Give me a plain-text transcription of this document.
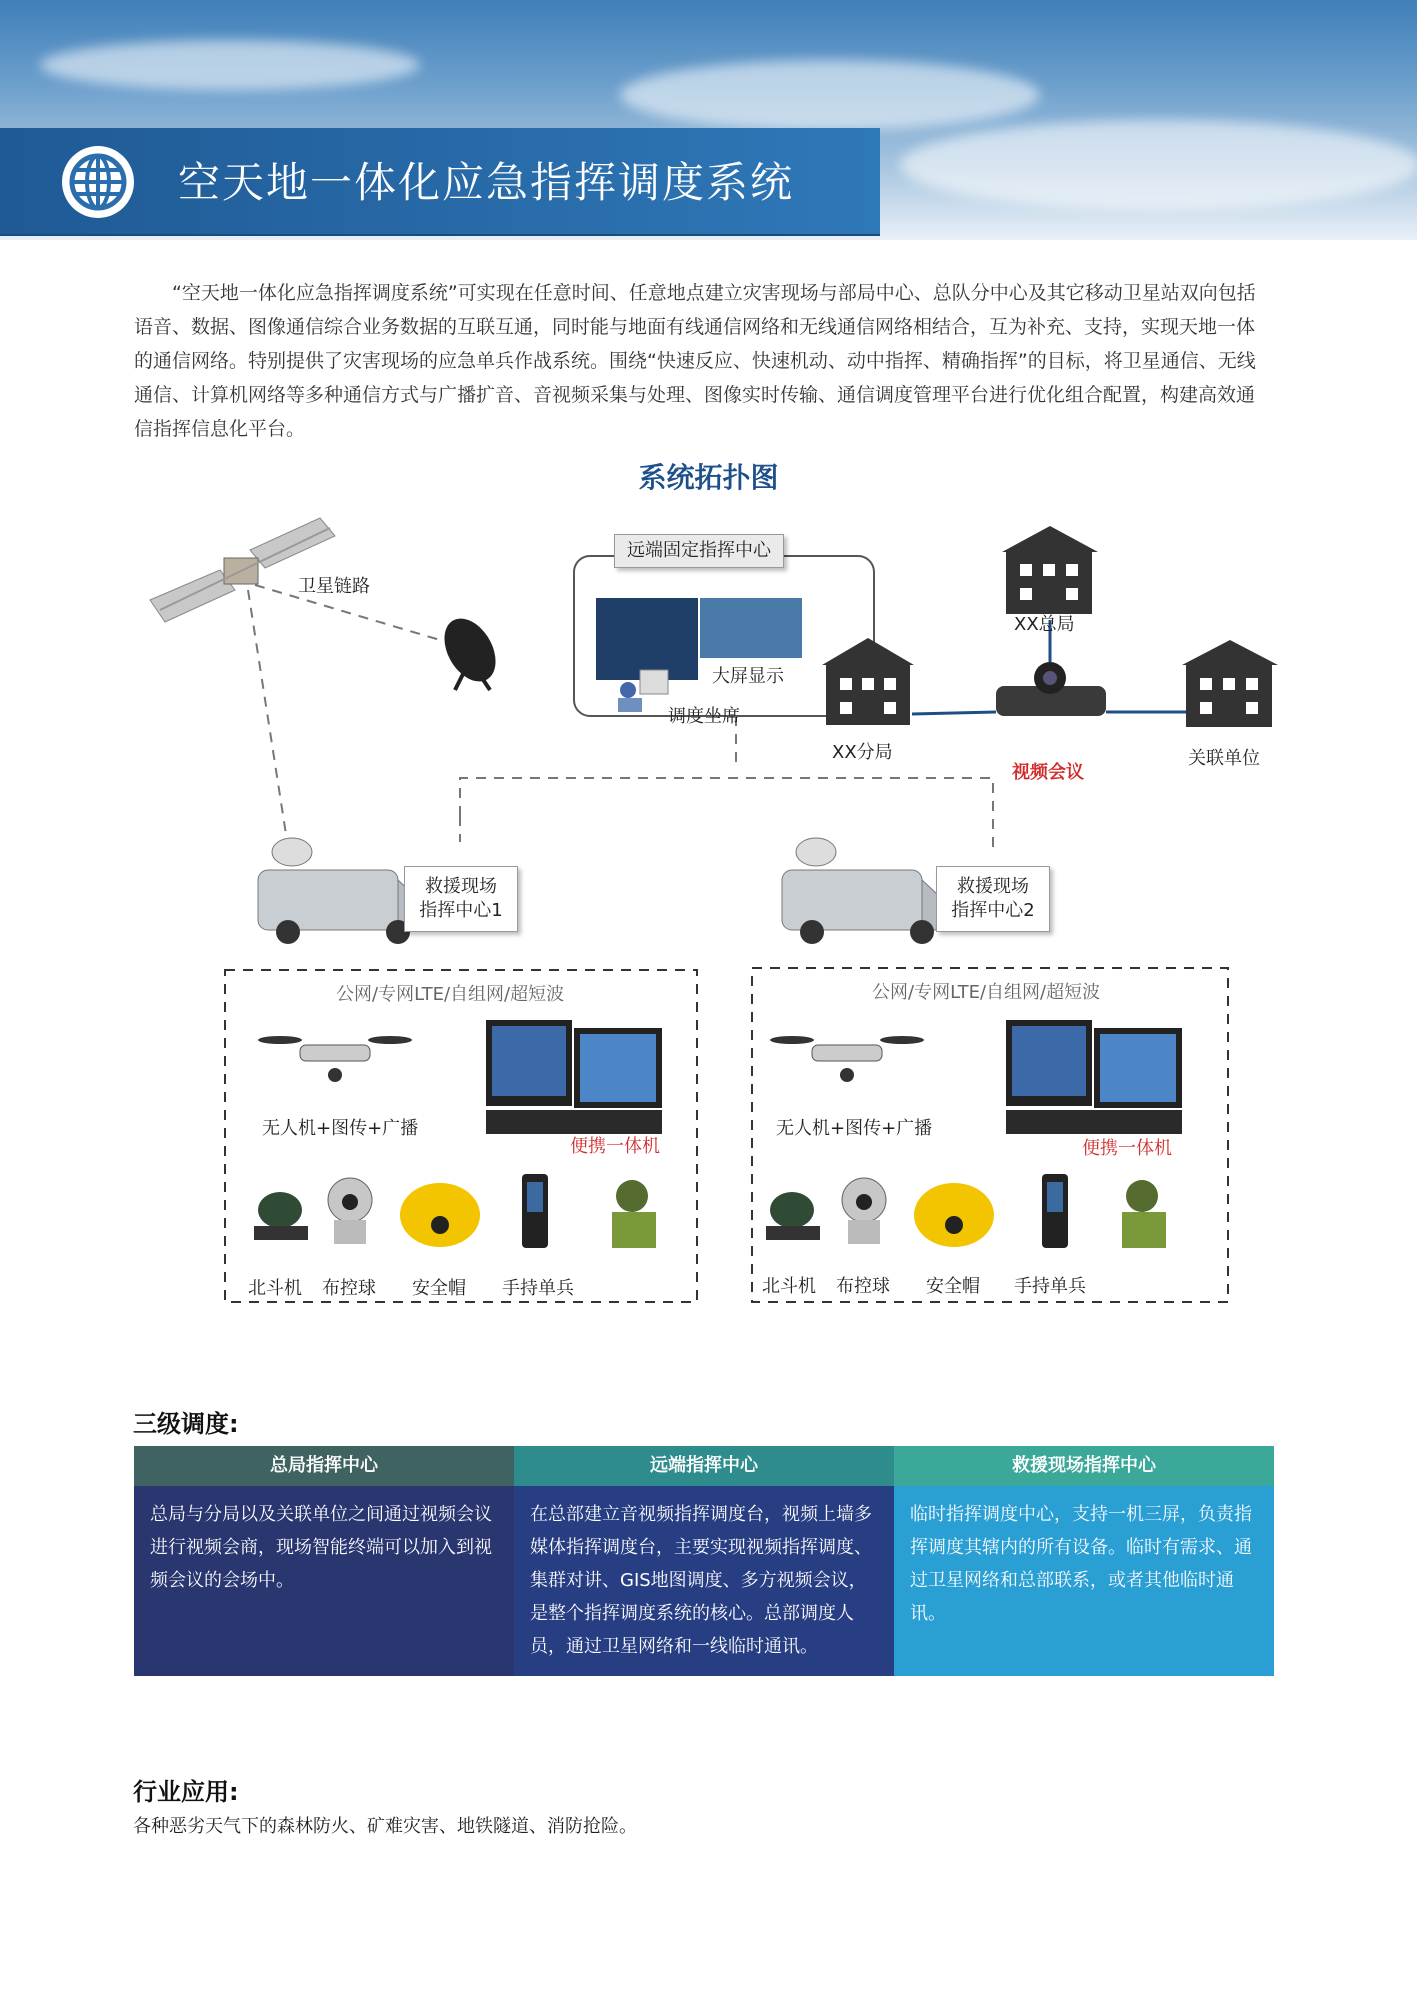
空天地一体化应急指挥调度系统
“空天地一体化应急指挥调度系统”可实现在任意时间、任意地点建立灾害现场与部局中心、总队分中心及其它移动卫星站双向包括语音、数据、图像通信综合业务数据的互联互通，同时能与地面有线通信网络和无线通信网络相结合，互为补充、支持，实现天地一体的通信网络。特别提供了灾害现场的应急单兵作战系统。围绕“快速反应、快速机动、动中指挥、精确指挥”的目标，将卫星通信、无线通信、计算机网络等多种通信方式与广播扩音、音视频采集与处理、图像实时传输、通信调度管理平台进行优化组合配置，构建高效通信指挥信息化平台。
系统拓扑图
卫星链路
远端固定指挥中心
大屏显示
调度坐席
XX分局
XX总局
视频会议
关联单位
救援现场
指挥中心1
救援现场
指挥中心2
公网/专网LTE/自组网/超短波	公网/专网LTE/自组网/超短波
无人机+图传+广播	无人机+图传+广播
便携一体机	便携一体机
北斗机 布控球 安全帽 手持单兵	北斗机 布控球 安全帽 手持单兵
三级调度:
总局指挥中心
总局与分局以及关联单位之间通过视频会议进行视频会商，现场智能终端可以加入到视频会议的会场中。
远端指挥中心
在总部建立音视频指挥调度台，视频上墙多媒体指挥调度台，主要实现视频指挥调度、集群对讲、GIS地图调度、多方视频会议，是整个指挥调度系统的核心。总部调度人员，通过卫星网络和一线临时通讯。
救援现场指挥中心
临时指挥调度中心，支持一机三屏，负责指挥调度其辖内的所有设备。临时有需求、通过卫星网络和总部联系，或者其他临时通讯。
行业应用:
各种恶劣天气下的森林防火、矿难灾害、地铁隧道、消防抢险。
